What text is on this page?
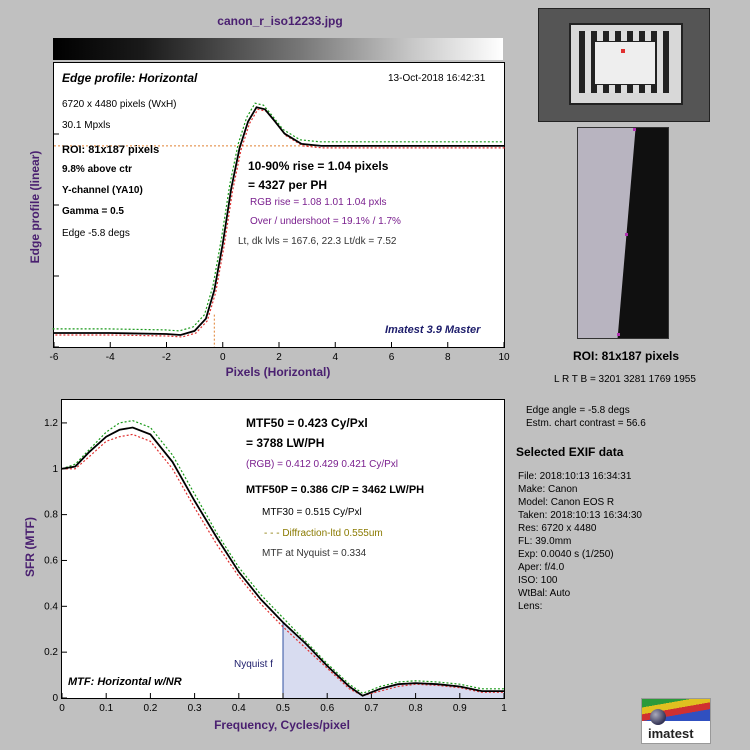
canon_r_iso12233.jpg
-6	-4	-2	0	2	4	6	8	10
Edge profile (linear)
Pixels (Horizontal)
Edge profile: Horizontal	13-Oct-2018 16:42:31
6720 x 4480 pixels (WxH)
30.1 Mpxls
ROI: 81x187 pixels
9.8% above ctr
Y-channel (YA10)
Gamma = 0.5
Edge -5.8 degs
10-90% rise = 1.04 pixels
= 4327 per PH
RGB rise = 1.08 1.01 1.04 pxls
Over / undershoot = 19.1% / 1.7%
Lt, dk lvls = 167.6, 22.3 Lt/dk = 7.52
Imatest 3.9 Master
0	0.1	0.2	0.3	0.4	0.5	0.6	0.7	0.8	0.9	1
0
0.2
0.4
0.6
0.8
1
1.2
SFR (MTF)
Frequency, Cycles/pixel
MTF50 = 0.423 Cy/Pxl
= 3788 LW/PH
(RGB) = 0.412 0.429 0.421 Cy/Pxl
MTF50P = 0.386 C/P = 3462 LW/PH
MTF30 = 0.515 Cy/Pxl
- - - Diffraction-ltd 0.555um
MTF at Nyquist = 0.334
Nyquist f
MTF: Horizontal w/NR
ROI: 81x187 pixels
L R T B = 3201 3281 1769 1955
Edge angle = -5.8 degs
Estm. chart contrast = 56.6
Selected EXIF data
File: 2018:10:13 16:34:31
Make: Canon
Model: Canon EOS R
Taken: 2018:10:13 16:34:30
Res: 6720 x 4480
FL: 39.0mm
Exp: 0.0040 s (1/250)
Aper: f/4.0
ISO: 100
WtBal: Auto
Lens:
imatest
